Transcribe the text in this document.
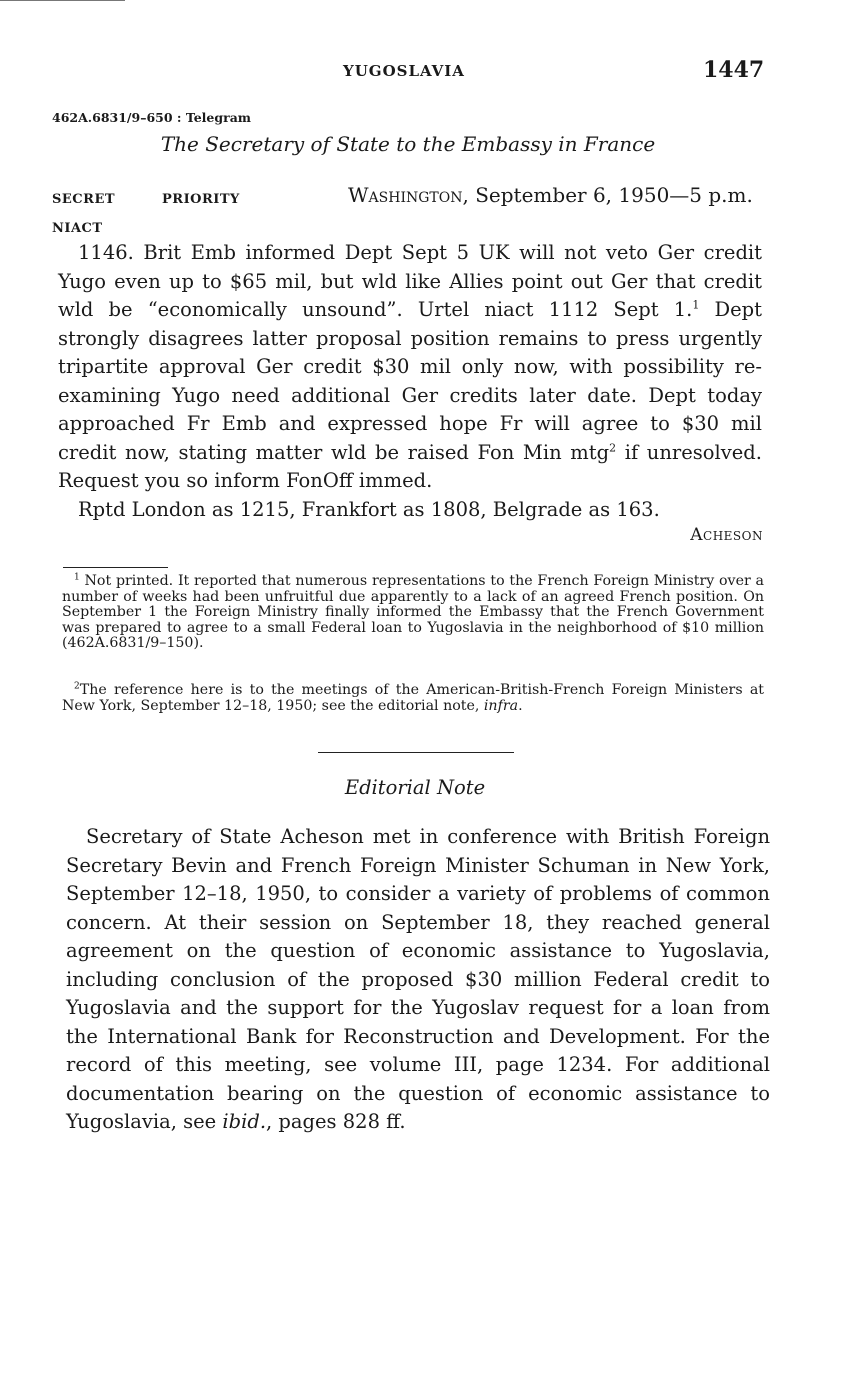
YUGOSLAVIA	1447
462A.6831/9–650 : Telegram
The Secretary of State to the Embassy in France
SECRET	PRIORITY
NIACT
Washington, September 6, 1950—5 p.m.

1146. Brit Emb informed Dept Sept 5 UK will not veto Ger credit Yugo even up to $65 mil, but wld like Allies point out Ger that credit wld be “economically unsound”. Urtel niact 1112 Sept 1.$^1$ Dept strongly disagrees latter proposal position remains to press urgently tripartite approval Ger credit $30 mil only now, with possibility re-examining Yugo need additional Ger credits later date. Dept today approached Fr Emb and expressed hope Fr will agree to $30 mil credit now, stating matter wld be raised Fon Min mtg$^2$ if unresolved. Request you so inform FonOff immed.

Rptd London as 1215, Frankfort as 1808, Belgrade as 163.

Acheson

$^1$ Not printed. It reported that numerous representations to the French Foreign Ministry over a number of weeks had been unfruitful due apparently to a lack of an agreed French position. On September 1 the Foreign Ministry finally informed the Embassy that the French Government was prepared to agree to a small Federal loan to Yugoslavia in the neighborhood of $10 million (462A.6831/9–150).

$^2$The reference here is to the meetings of the American-British-French Foreign Ministers at New York, September 12–18, 1950; see the editorial note, infra.

Editorial Note

Secretary of State Acheson met in conference with British Foreign Secretary Bevin and French Foreign Minister Schuman in New York, September 12–18, 1950, to consider a variety of problems of common concern. At their session on September 18, they reached general agreement on the question of economic assistance to Yugoslavia, including conclusion of the proposed $30 million Federal credit to Yugoslavia and the support for the Yugoslav request for a loan from the International Bank for Reconstruction and Development. For the record of this meeting, see volume III, page 1234. For additional documentation bearing on the question of economic assistance to Yugoslavia, see ibid., pages 828 ff.
